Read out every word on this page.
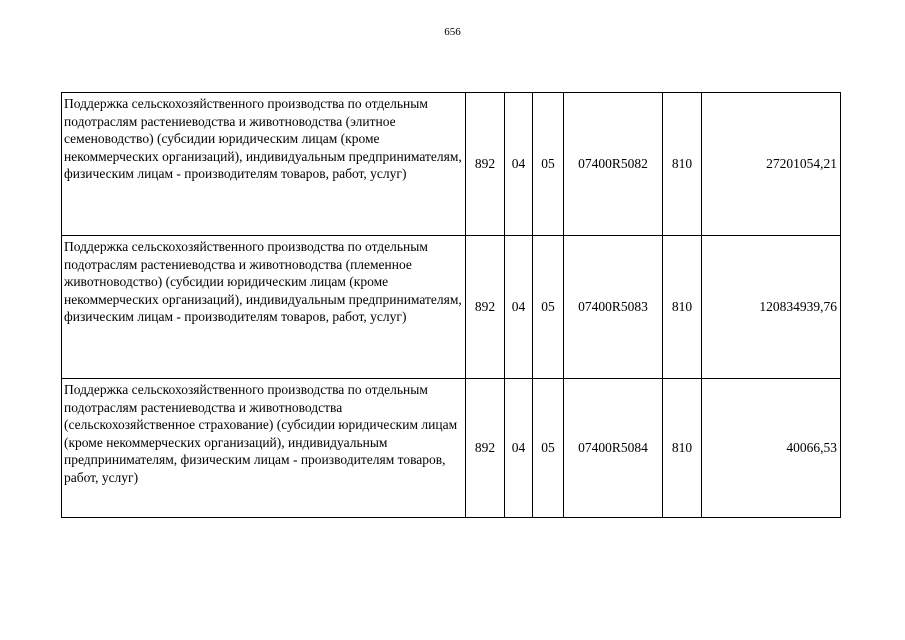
656
Поддержка сельскохозяйственного производства по отдельным подотраслям растениеводства и животноводства (элитное семеноводство) (субсидии юридическим лицам (кроме некоммерческих организаций), индивидуальным предпринимателям, физическим лицам - производителям товаров, работ, услуг)	892	04	05	07400R5082	810	27201054,21
Поддержка сельскохозяйственного производства по отдельным подотраслям растениеводства и животноводства (племенное животноводство) (субсидии юридическим лицам (кроме некоммерческих организаций), индивидуальным предпринимателям, физическим лицам - производителям товаров, работ, услуг)	892	04	05	07400R5083	810	120834939,76
Поддержка сельскохозяйственного производства по отдельным подотраслям растениеводства и животноводства (сельскохозяйственное страхование) (субсидии юридическим лицам (кроме некоммерческих организаций), индивидуальным предпринимателям, физическим лицам - производителям товаров, работ, услуг)	892	04	05	07400R5084	810	40066,53
